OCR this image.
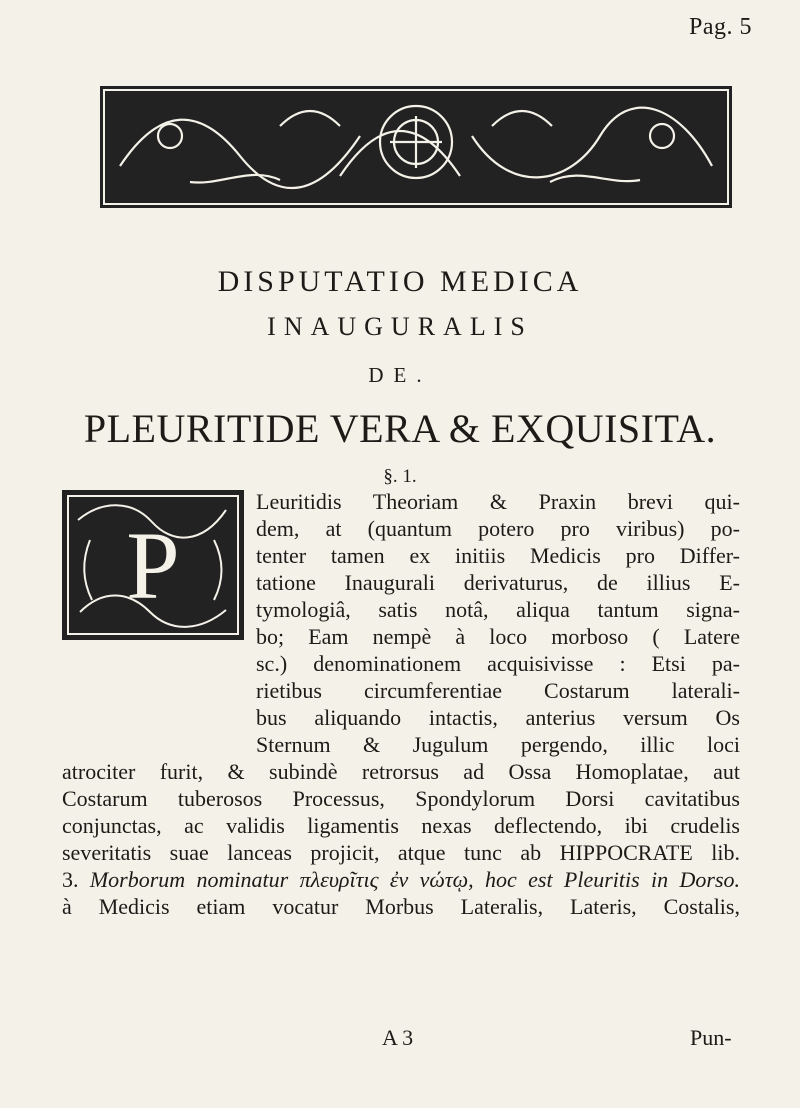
Pag. 5
DISPUTATIO MEDICA
INAUGURALIS
DE.
PLEURITIDE VERA & EXQUISITA.
§. 1.
P
Leuritidis Theoriam & Praxin brevi qui-
dem, at (quantum potero pro viribus) po-
tenter tamen ex initiis Medicis pro Differ-
tatione Inaugurali derivaturus, de illius E-
tymologiâ, satis notâ, aliqua tantum signa-
bo; Eam nempè à loco morboso ( Latere
sc.) denominationem acquisivisse : Etsi pa-
rietibus circumferentiae Costarum laterali-
bus aliquando intactis, anterius versum Os
Sternum & Jugulum pergendo, illic loci
atrociter furit, & subindè retrorsus ad Ossa Homoplatae, aut
Costarum tuberosos Processus, Spondylorum Dorsi cavitatibus
conjunctas, ac validis ligamentis nexas deflectendo, ibi crudelis
severitatis suae lanceas projicit, atque tunc ab HIPPOCRATE lib.
3. Morborum nominatur πλευρῖτις ἐν νώτῳ, hoc est Pleuritis in Dorso.
à Medicis etiam vocatur Morbus Lateralis, Lateris, Costalis,
A 3	Pun-
